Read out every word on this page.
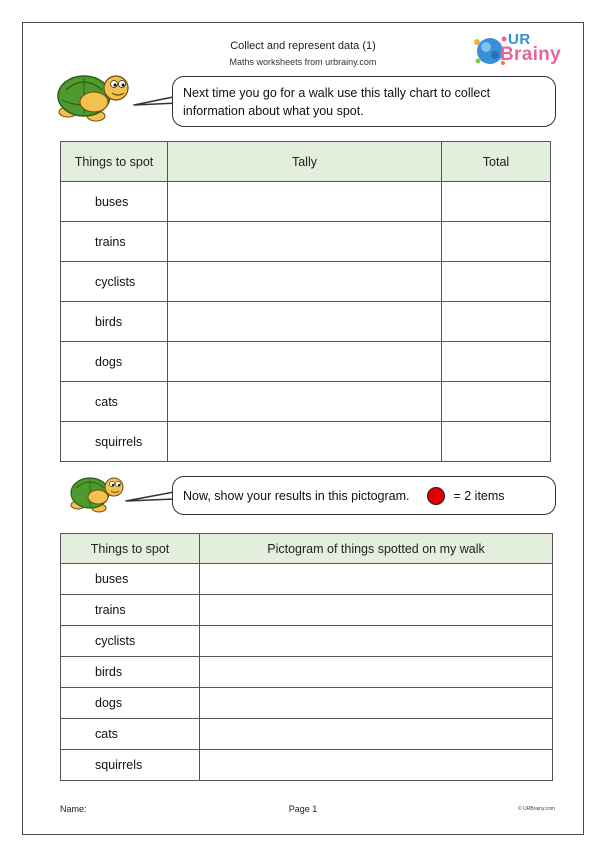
Collect and represent data (1)
Maths worksheets from urbrainy.com
UR
Brainy
Next time you go for a walk use this tally chart to collect information about what you spot.
Things to spot	Tally	Total
buses		
trains		
cyclists		
birds		
dogs		
cats		
squirrels		
Now, show your results in this pictogram.	= 2 items
Things to spot	Pictogram of things spotted on my walk
buses	
trains	
cyclists	
birds	
dogs	
cats	
squirrels	
Name:	Page 1	© URBrainy.com
